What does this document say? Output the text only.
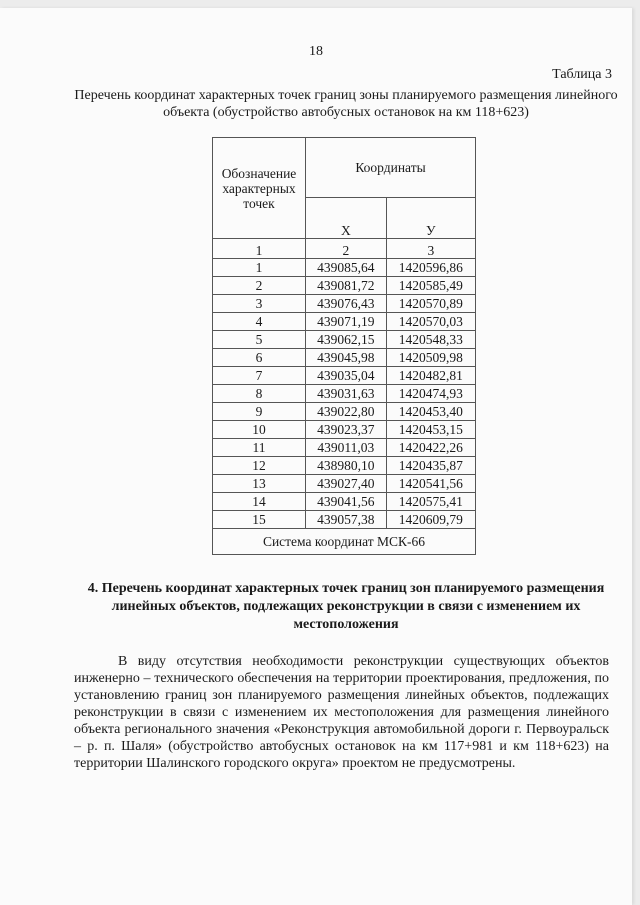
18
Таблица 3
Перечень координат характерных точек границ зоны планируемого размещения линейного объекта (обустройство автобусных остановок на км 118+623)
Обозначение характерных точек	Координаты	
	Х	У
1	2	3
1	439085,64	1420596,86
2	439081,72	1420585,49
3	439076,43	1420570,89
4	439071,19	1420570,03
5	439062,15	1420548,33
6	439045,98	1420509,98
7	439035,04	1420482,81
8	439031,63	1420474,93
9	439022,80	1420453,40
10	439023,37	1420453,15
11	439011,03	1420422,26
12	438980,10	1420435,87
13	439027,40	1420541,56
14	439041,56	1420575,41
15	439057,38	1420609,79
Система координат МСК-66		
4. Перечень координат характерных точек границ зон планируемого размещения линейных объектов, подлежащих реконструкции в связи с изменением их местоположения

В виду отсутствия необходимости реконструкции существующих объектов инженерно – технического обеспечения на территории проектирования, предложения, по установлению границ зон планируемого размещения линейных объектов, подлежащих реконструкции в связи с изменением их местоположения для размещения линейного объекта регионального значения «Реконструкция автомобильной дороги г. Первоуральск – р. п. Шаля» (обустройство автобусных остановок на км 117+981 и км 118+623) на территории Шалинского городского округа» проектом не предусмотрены.
